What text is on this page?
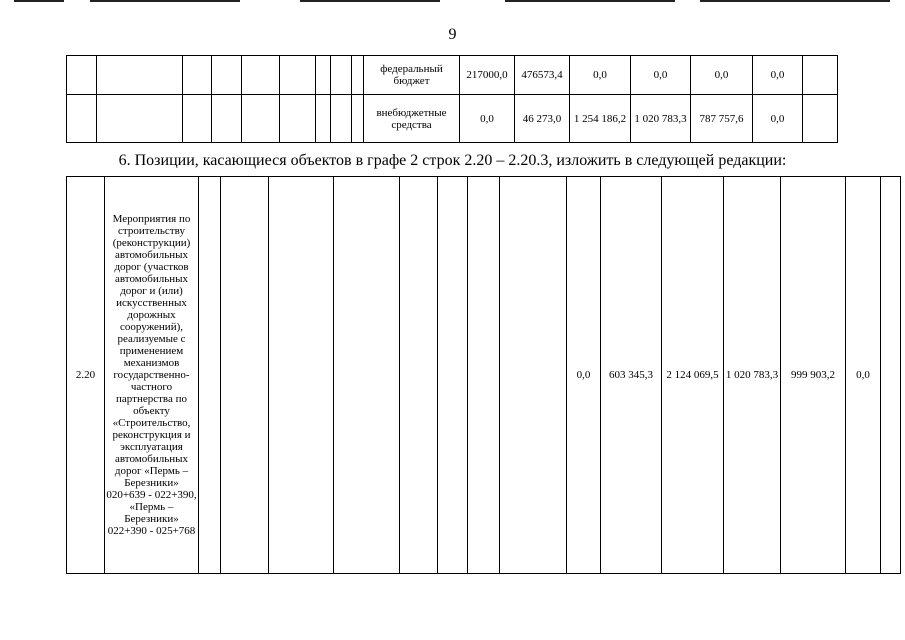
9
									федеральный бюджет	217000,0	476573,4	0,0	0,0	0,0	0,0	
									внебюджетные средства	0,0	46 273,0	1 254 186,2	1 020 783,3	787 757,6	0,0	
6. Позиции, касающиеся объектов в графе 2 строк 2.20 – 2.20.3, изложить в следующей редакции:
2.20	Мероприятия по строительству (реконструкции) автомобильных дорог (участков автомобильных дорог и (или) искусственных дорожных сооружений), реализуемые с применением механизмов государственно-частного партнерства по объекту «Строительство, реконструкция и эксплуатация автомобильных дорог «Пермь – Березники» 020+639 - 022+390, «Пермь – Березники» 022+390 - 025+768									0,0	603 345,3	2 124 069,5	1 020 783,3	999 903,2	0,0	
